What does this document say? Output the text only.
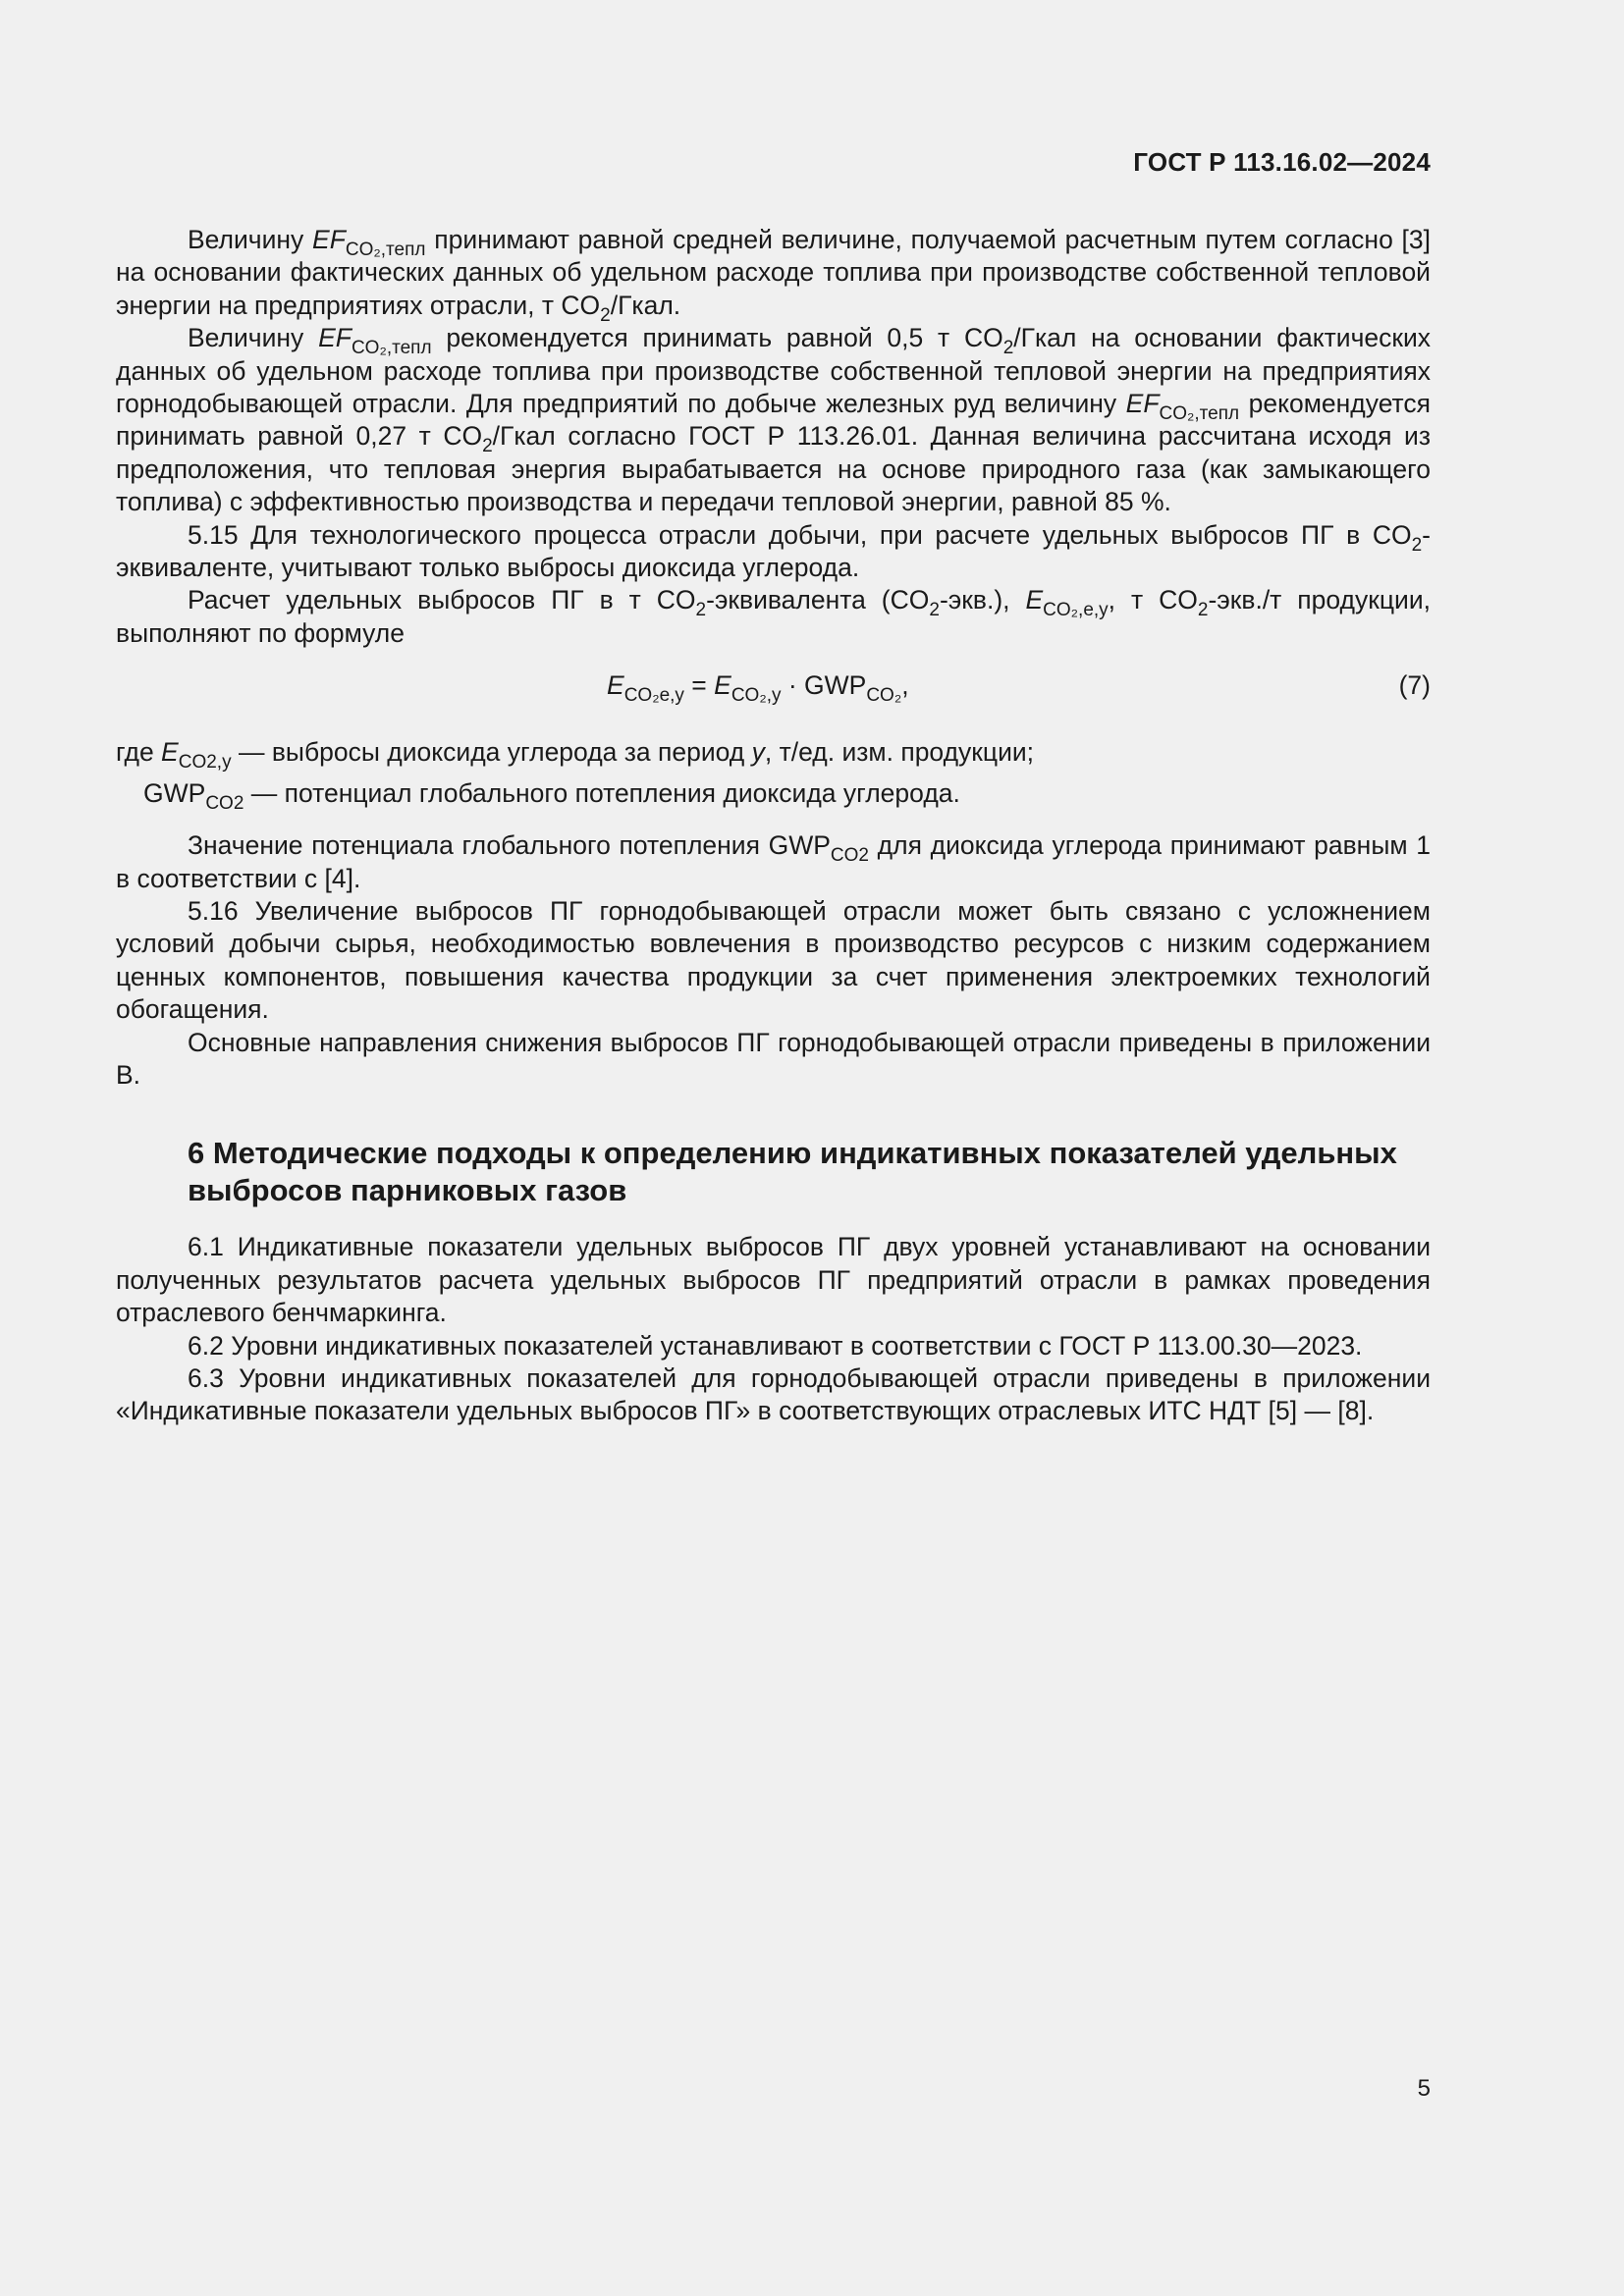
ГОСТ Р 113.16.02—2024

Величину $EF_{CO_2,тепл}$ принимают равной средней величине, получаемой расчетным путем согласно [3] на основании фактических данных об удельном расходе топлива при производстве собственной тепловой энергии на предприятиях отрасли, т $CO_2$/Гкал.

Величину $EF_{CO_2,тепл}$ рекомендуется принимать равной 0,5 т $CO_2$/Гкал на основании фактических данных об удельном расходе топлива при производстве собственной тепловой энергии на предприятиях горнодобывающей отрасли. Для предприятий по добыче железных руд величину $EF_{CO_2,тепл}$ рекомендуется принимать равной 0,27 т $CO_2$/Гкал согласно ГОСТ Р 113.26.01. Данная величина рассчитана исходя из предположения, что тепловая энергия вырабатывается на основе природного газа (как замыкающего топлива) с эффективностью производства и передачи тепловой энергии, равной 85 %.

5.15 Для технологического процесса отрасли добычи, при расчете удельных выбросов ПГ в $CO_2$-эквиваленте, учитывают только выбросы диоксида углерода.

Расчет удельных выбросов ПГ в т $CO_2$-эквивалента $(CO_2-экв.)$, $E_{CO_2,e,y}$, т $CO_2-экв./т$ продукции, выполняют по формуле

$E_{CO_2e,y} = E_{CO_2,y} \cdot GWP_{CO_2}$,	(7)

где $E_{CO2,y}$ — выбросы диоксида углерода за период y, т/ед. изм. продукции;

$GWP_{CO2}$ — потенциал глобального потепления диоксида углерода.

Значение потенциала глобального потепления $GWP_{CO2}$ для диоксида углерода принимают равным 1 в соответствии с [4].

5.16 Увеличение выбросов ПГ горнодобывающей отрасли может быть связано с усложнением условий добычи сырья, необходимостью вовлечения в производство ресурсов с низким содержанием ценных компонентов, повышения качества продукции за счет применения электроемких технологий обогащения.

Основные направления снижения выбросов ПГ горнодобывающей отрасли приведены в приложении В.

6 Методические подходы к определению индикативных показателей удельных выбросов парниковых газов

6.1 Индикативные показатели удельных выбросов ПГ двух уровней устанавливают на основании полученных результатов расчета удельных выбросов ПГ предприятий отрасли в рамках проведения отраслевого бенчмаркинга.

6.2 Уровни индикативных показателей устанавливают в соответствии с ГОСТ Р 113.00.30—2023.

6.3 Уровни индикативных показателей для горнодобывающей отрасли приведены в приложении «Индикативные показатели удельных выбросов ПГ» в соответствующих отраслевых ИТС НДТ [5] — [8].

5
